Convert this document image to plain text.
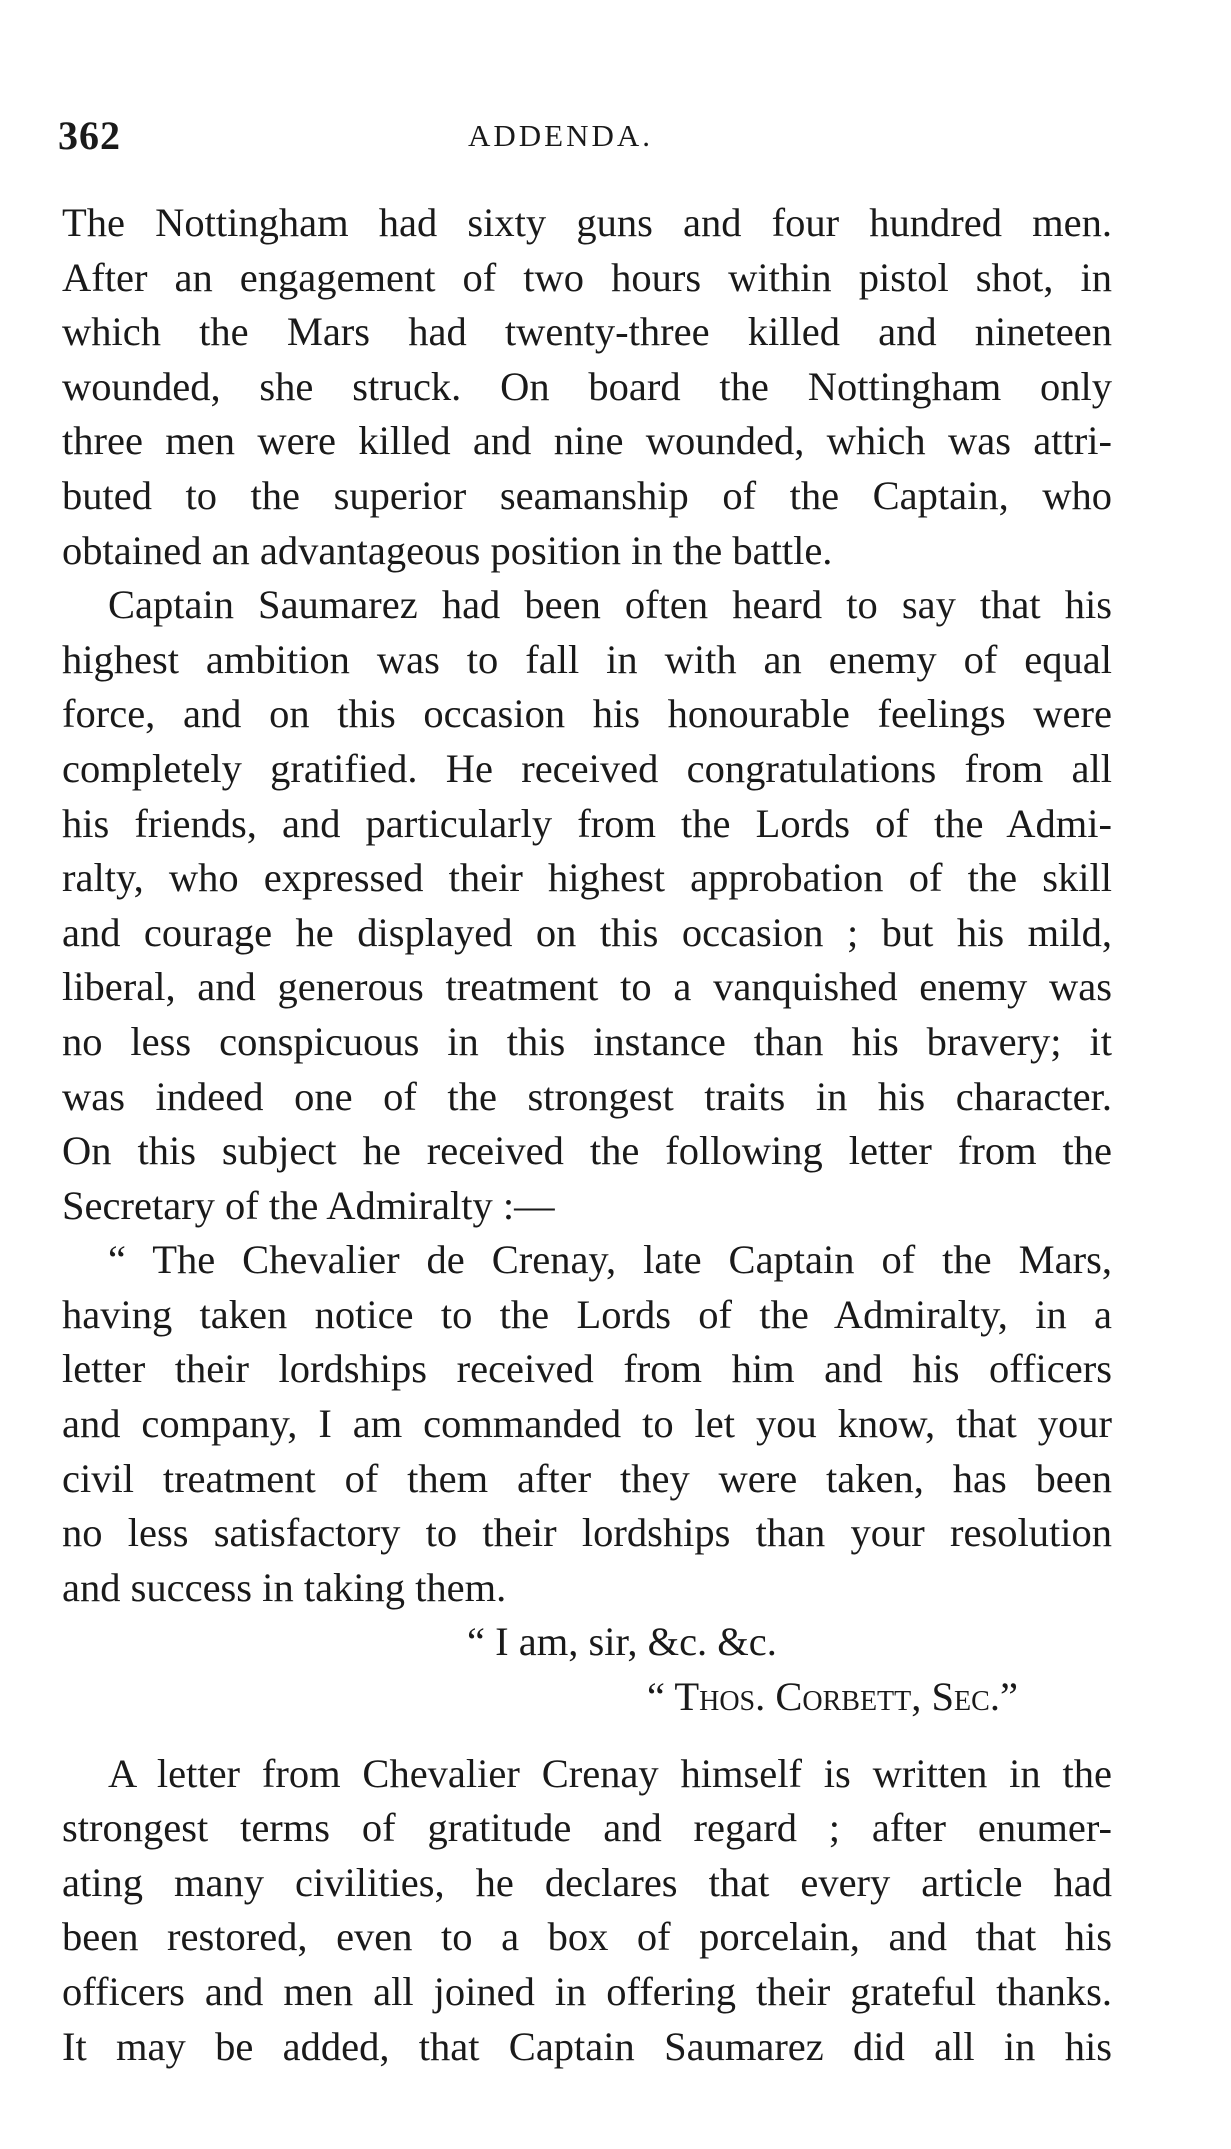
362	ADDENDA.
The Nottingham had sixty guns and four hundred men.
After an engagement of two hours within pistol shot, in
which the Mars had twenty-three killed and nineteen
wounded, she struck. On board the Nottingham only
three men were killed and nine wounded, which was attri-
buted to the superior seamanship of the Captain, who
obtained an advantageous position in the battle.
Captain Saumarez had been often heard to say that his
highest ambition was to fall in with an enemy of equal
force, and on this occasion his honourable feelings were
completely gratified. He received congratulations from all
his friends, and particularly from the Lords of the Admi-
ralty, who expressed their highest approbation of the skill
and courage he displayed on this occasion ; but his mild,
liberal, and generous treatment to a vanquished enemy was
no less conspicuous in this instance than his bravery; it
was indeed one of the strongest traits in his character.
On this subject he received the following letter from the
Secretary of the Admiralty :—
“ The Chevalier de Crenay, late Captain of the Mars,
having taken notice to the Lords of the Admiralty, in a
letter their lordships received from him and his officers
and company, I am commanded to let you know, that your
civil treatment of them after they were taken, has been
no less satisfactory to their lordships than your resolution
and success in taking them.
“ I am, sir, &c. &c.
“ Thos. Corbett, Sec.”
A letter from Chevalier Crenay himself is written in the
strongest terms of gratitude and regard ; after enumer-
ating many civilities, he declares that every article had
been restored, even to a box of porcelain, and that his
officers and men all joined in offering their grateful thanks.
It may be added, that Captain Saumarez did all in his
